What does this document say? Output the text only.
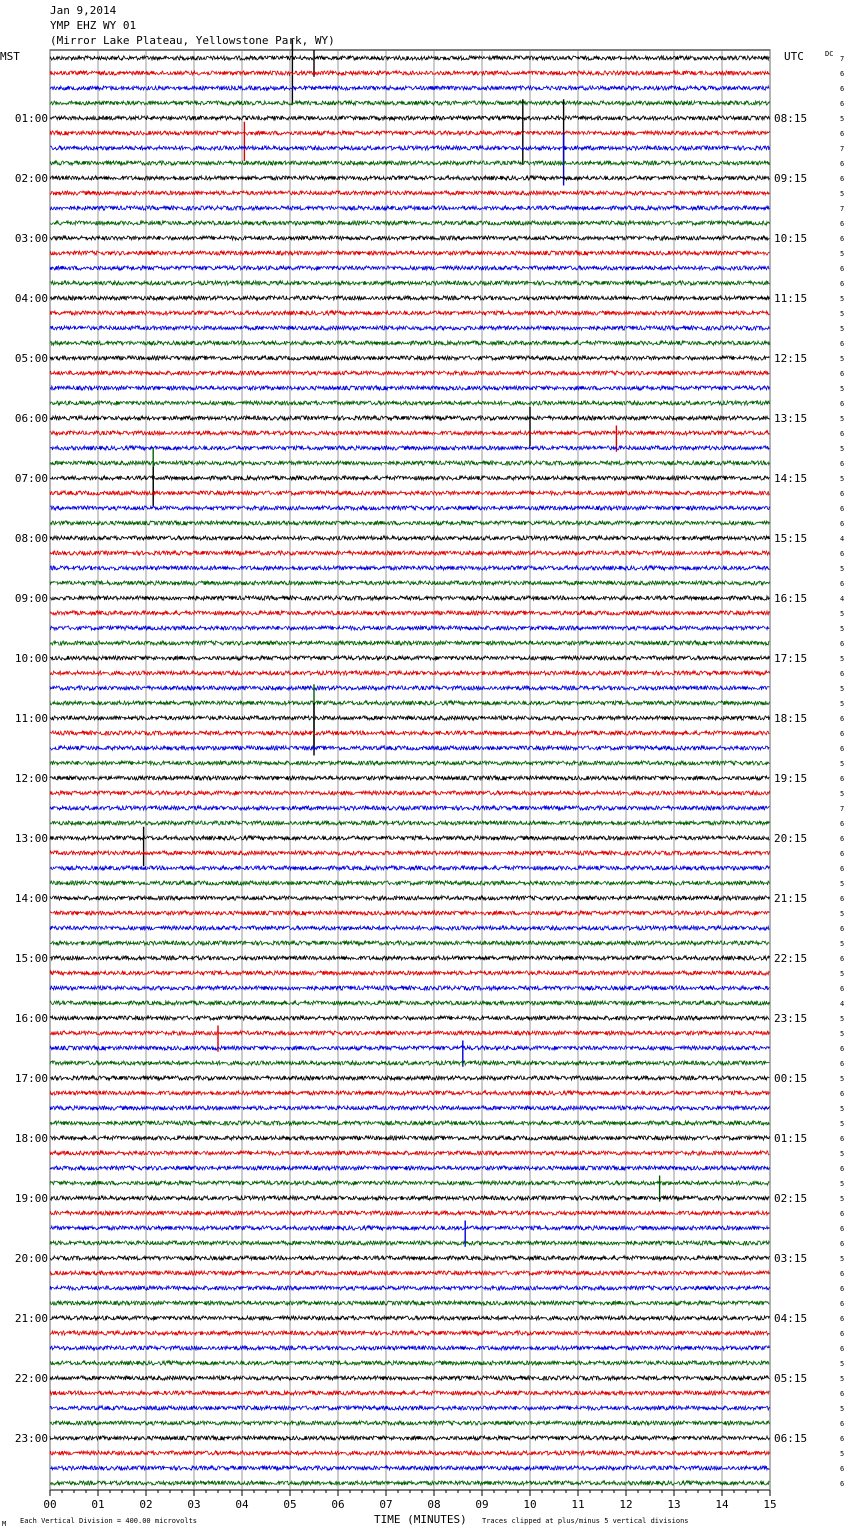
Jan 9,2014
YMP EHZ WY 01
(Mirror Lake Plateau, Yellowstone Park, WY)
00	01	02	03	04	05	06	07	08	09	10	11	12	13	14	15
7
6
6
6
5
6
7
6
6
5
7
6
6
5
6
6
5
5
5
6
5
6
5
6
5
6
5
6
5
6
6
6
4
6
5
6
4
5
5
6
5
6
5
5
6
6
6
5
6
5
7
6
6
6
6
5
6
5
6
5
6
5
6
4
5
5
6
6
5
6
5
5
6
5
6
5
5
6
6
6
5
6
6
6
6
6
6
5
5
6
5
6
6
5
6
6
01:00	08:15
02:00	09:15
03:00	10:15
04:00	11:15
05:00	12:15
06:00	13:15
07:00	14:15
08:00	15:15
09:00	16:15
10:00	17:15
11:00	18:15
12:00	19:15
13:00	20:15
14:00	21:15
15:00	22:15
16:00	23:15
17:00	00:15
18:00	01:15
19:00	02:15
20:00	03:15
21:00	04:15
22:00	05:15
23:00	06:15
MST	UTC	DC
TIME (MINUTES)
M Each Vertical Division = 400.00 microvolts	Traces clipped at plus/minus 5 vertical divisions
